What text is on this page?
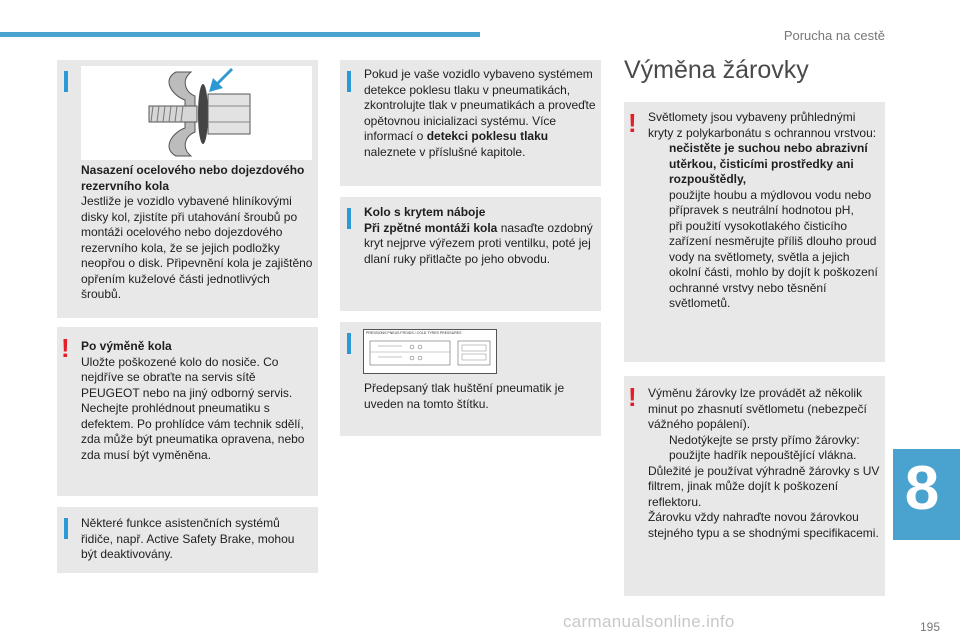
Porucha na cestě
Nasazení ocelového nebo dojezdového rezervního kola
Jestliže je vozidlo vybavené hliníkovými disky kol, zjistíte při utahování šroubů po montáži ocelového nebo dojezdového rezervního kola, že se jejich podložky neopřou o disk. Připevnění kola je zajištěno opřením kuželové části jednotlivých šroubů.
! Po výměně kola
Uložte poškozené kolo do nosiče. Co nejdříve se obraťte na servis sítě PEUGEOT nebo na jiný odborný servis. Nechejte prohlédnout pneumatiku s defektem. Po prohlídce vám technik sdělí, zda může být pneumatika opravena, nebo zda musí být vyměněna.
Některé funkce asistenčních systémů řidiče, např. Active Safety Brake, mohou být deaktivovány.
Pokud je vaše vozidlo vybaveno systémem detekce poklesu tlaku v pneumatikách, zkontrolujte tlak v pneumatikách a proveďte opětovnou inicializaci systému. Více informací o detekci poklesu tlaku naleznete v příslušné kapitole.
Kolo s krytem náboje
Při zpětné montáži kola nasaďte ozdobný kryt nejprve výřezem proti ventilku, poté jej dlaní ruky přitlačte po jeho obvodu.
PRESSIONS PNEUS FROIDS / COLD TYRES PRESSURES
Předepsaný tlak huštění pneumatik je uveden na tomto štítku.
Výměna žárovky
! Světlomety jsou vybaveny průhlednými kryty z polykarbonátu s ochrannou vrstvou:
nečistěte je suchou nebo abrazivní utěrkou, čisticími prostředky ani rozpouštědly,
použijte houbu a mýdlovou vodu nebo přípravek s neutrální hodnotou pH,
při použití vysokotlakého čisticího zařízení nesměrujte příliš dlouho proud vody na světlomety, světla a jejich okolní části, mohlo by dojít k poškození ochranné vrstvy nebo těsnění světlometů.
! Výměnu žárovky lze provádět až několik minut po zhasnutí světlometu (nebezpečí vážného popálení).
Nedotýkejte se prsty přímo žárovky: použijte hadřík nepouštějící vlákna.
Důležité je používat výhradně žárovky s UV filtrem, jinak může dojít k poškození reflektoru.
Žárovku vždy nahraďte novou žárovkou stejného typu a se shodnými specifikacemi.
8
carmanualsonline.info	195
